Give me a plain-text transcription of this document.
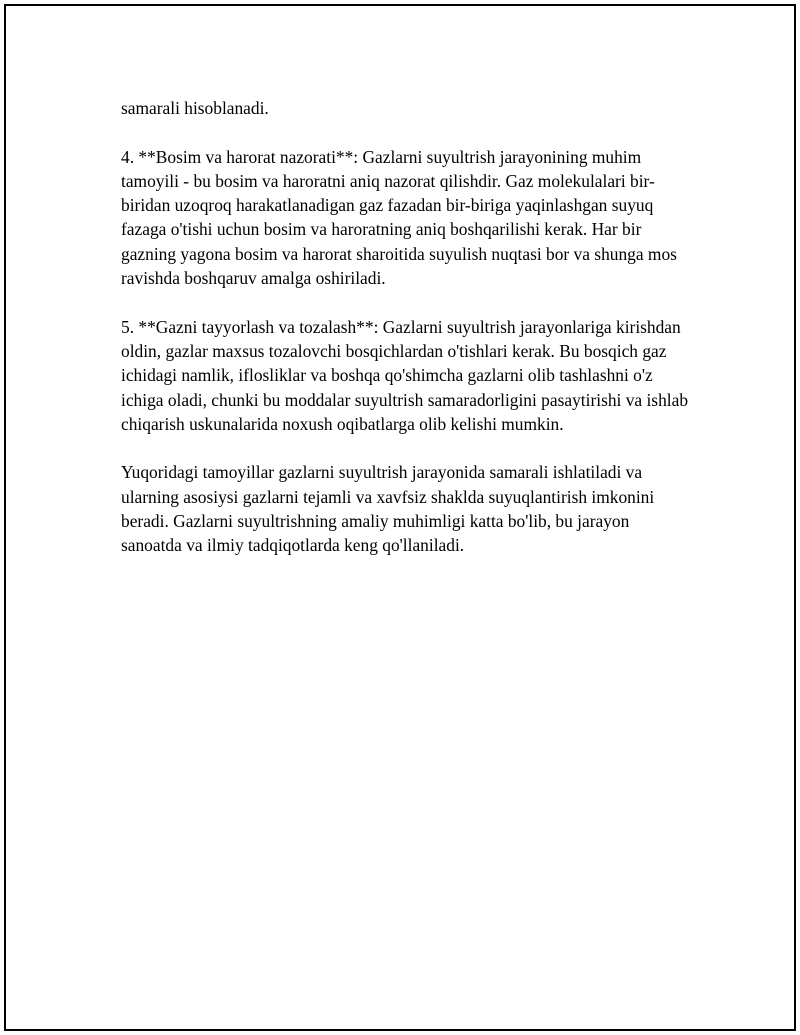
samarali hisoblanadi.

4. **Bosim va harorat nazorati**: Gazlarni suyultrish jarayonining muhim tamoyili - bu bosim va haroratni aniq nazorat qilishdir. Gaz molekulalari bir-biridan uzoqroq harakatlanadigan gaz fazadan bir-biriga yaqinlashgan suyuq fazaga o'tishi uchun bosim va haroratning aniq boshqarilishi kerak. Har bir gazning yagona bosim va harorat sharoitida suyulish nuqtasi bor va shunga mos ravishda boshqaruv amalga oshiriladi.

5. **Gazni tayyorlash va tozalash**: Gazlarni suyultrish jarayonlariga kirishdan oldin, gazlar maxsus tozalovchi bosqichlardan o'tishlari kerak. Bu bosqich gaz ichidagi namlik, iflosliklar va boshqa qo'shimcha gazlarni olib tashlashni o'z ichiga oladi, chunki bu moddalar suyultrish samaradorligini pasaytirishi va ishlab chiqarish uskunalarida noxush oqibatlarga olib kelishi mumkin.

Yuqoridagi tamoyillar gazlarni suyultrish jarayonida samarali ishlatiladi va ularning asosiysi gazlarni tejamli va xavfsiz shaklda suyuqlantirish imkonini beradi. Gazlarni suyultrishning amaliy muhimligi katta bo'lib, bu jarayon sanoatda va ilmiy tadqiqotlarda keng qo'llaniladi.
